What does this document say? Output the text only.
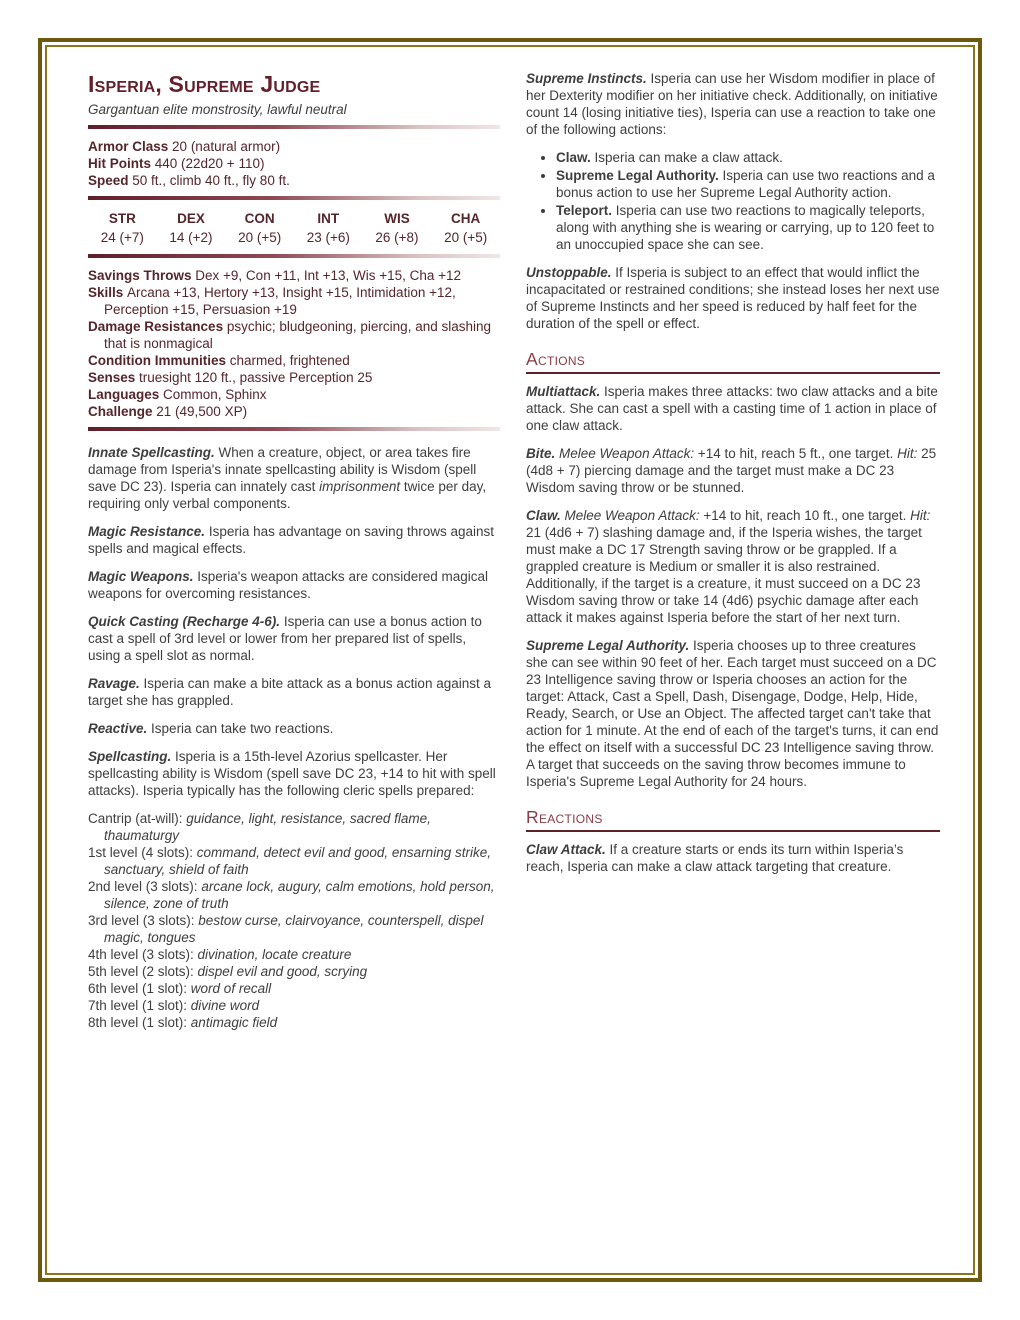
Isperia, Supreme Judge
Gargantuan elite monstrosity, lawful neutral
Armor Class 20 (natural armor)
Hit Points 440 (22d20 + 110)
Speed 50 ft., climb 40 ft., fly 80 ft.
STR	DEX	CON	INT	WIS	CHA
24 (+7)	14 (+2)	20 (+5)	23 (+6)	26 (+8)	20 (+5)
Savings Throws Dex +9, Con +11, Int +13, Wis +15, Cha +12
Skills Arcana +13, Hertory +13, Insight +15, Intimidation +12, Perception +15, Persuasion +19
Damage Resistances psychic; bludgeoning, piercing, and slashing that is nonmagical
Condition Immunities charmed, frightened
Senses truesight 120 ft., passive Perception 25
Languages Common, Sphinx
Challenge 21 (49,500 XP)

Innate Spellcasting. When a creature, object, or area takes fire damage from Isperia's innate spellcasting ability is Wisdom (spell save DC 23). Isperia can innately cast imprisonment twice per day, requiring only verbal components.

Magic Resistance. Isperia has advantage on saving throws against spells and magical effects.

Magic Weapons. Isperia's weapon attacks are considered magical weapons for overcoming resistances.

Quick Casting (Recharge 4-6). Isperia can use a bonus action to cast a spell of 3rd level or lower from her prepared list of spells, using a spell slot as normal.

Ravage. Isperia can make a bite attack as a bonus action against a target she has grappled.

Reactive. Isperia can take two reactions.

Spellcasting. Isperia is a 15th-level Azorius spellcaster. Her spellcasting ability is Wisdom (spell save DC 23, +14 to hit with spell attacks). Isperia typically has the following cleric spells prepared:

Cantrip (at-will): guidance, light, resistance, sacred flame, thaumaturgy
1st level (4 slots): command, detect evil and good, ensarning strike, sanctuary, shield of faith
2nd level (3 slots): arcane lock, augury, calm emotions, hold person, silence, zone of truth
3rd level (3 slots): bestow curse, clairvoyance, counterspell, dispel magic, tongues
4th level (3 slots): divination, locate creature
5th level (2 slots): dispel evil and good, scrying
6th level (1 slot): word of recall
7th level (1 slot): divine word
8th level (1 slot): antimagic field

Supreme Instincts. Isperia can use her Wisdom modifier in place of her Dexterity modifier on her initiative check. Additionally, on initiative count 14 (losing initiative ties), Isperia can use a reaction to take one of the following actions:

• Claw. Isperia can make a claw attack.
• Supreme Legal Authority. Isperia can use two reactions and a bonus action to use her Supreme Legal Authority action.
• Teleport. Isperia can use two reactions to magically teleports, along with anything she is wearing or carrying, up to 120 feet to an unoccupied space she can see.

Unstoppable. If Isperia is subject to an effect that would inflict the incapacitated or restrained conditions; she instead loses her next use of Supreme Instincts and her speed is reduced by half feet for the duration of the spell or effect.

Actions

Multiattack. Isperia makes three attacks: two claw attacks and a bite attack. She can cast a spell with a casting time of 1 action in place of one claw attack.

Bite. Melee Weapon Attack: +14 to hit, reach 5 ft., one target. Hit: 25 (4d8 + 7) piercing damage and the target must make a DC 23 Wisdom saving throw or be stunned.

Claw. Melee Weapon Attack: +14 to hit, reach 10 ft., one target. Hit: 21 (4d6 + 7) slashing damage and, if the Isperia wishes, the target must make a DC 17 Strength saving throw or be grappled. If a grappled creature is Medium or smaller it is also restrained. Additionally, if the target is a creature, it must succeed on a DC 23 Wisdom saving throw or take 14 (4d6) psychic damage after each attack it makes against Isperia before the start of her next turn.

Supreme Legal Authority. Isperia chooses up to three creatures she can see within 90 feet of her. Each target must succeed on a DC 23 Intelligence saving throw or Isperia chooses an action for the target: Attack, Cast a Spell, Dash, Disengage, Dodge, Help, Hide, Ready, Search, or Use an Object. The affected target can't take that action for 1 minute. At the end of each of the target's turns, it can end the effect on itself with a successful DC 23 Intelligence saving throw. A target that succeeds on the saving throw becomes immune to Isperia's Supreme Legal Authority for 24 hours.

Reactions

Claw Attack. If a creature starts or ends its turn within Isperia’s reach, Isperia can make a claw attack targeting that creature.
